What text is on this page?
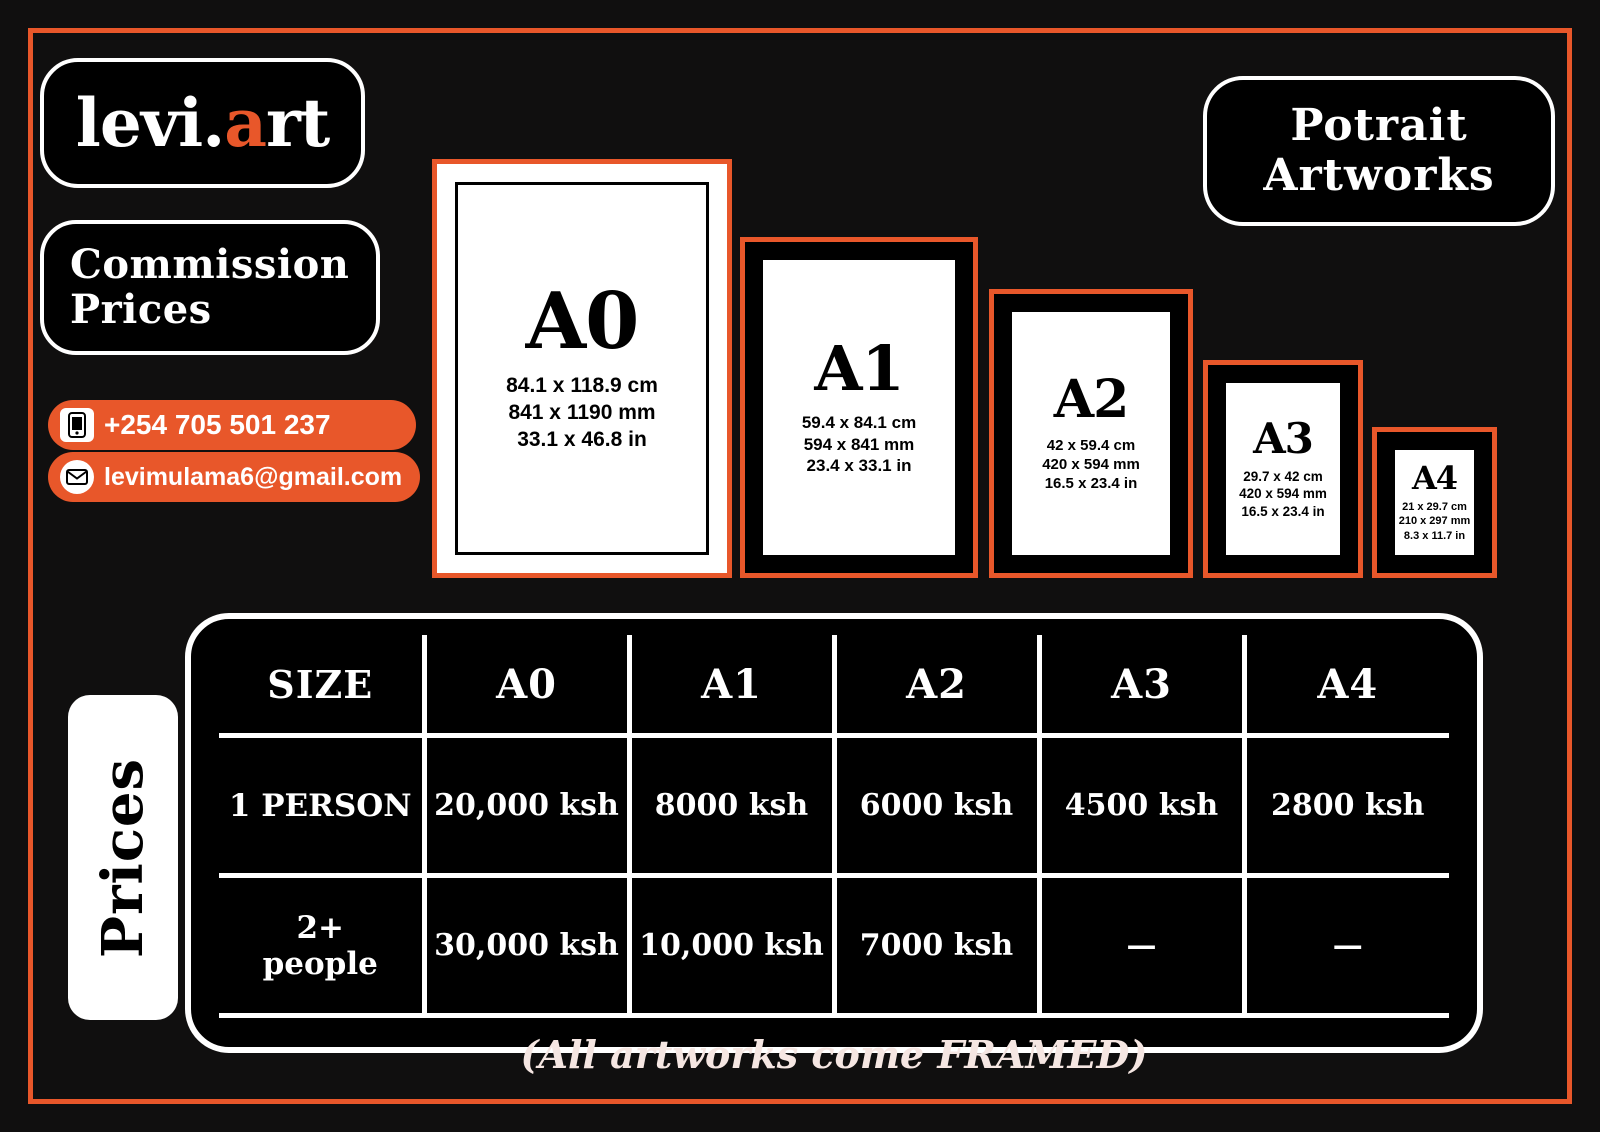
levi.art
Commission
Prices
+254 705 501 237
levimulama6@gmail.com
Potrait
Artworks
A0
84.1 x 118.9 cm
841 x 1190 mm
33.1 x 46.8 in
A1
59.4 x 84.1 cm
594 x 841 mm
23.4 x 33.1 in
A2
42 x 59.4 cm
420 x 594 mm
16.5 x 23.4 in
A3
29.7 x 42 cm
420 x 594 mm
16.5 x 23.4 in
A4
21 x 29.7 cm
210 x 297 mm
8.3 x 11.7 in
Prices
SIZE	A0	A1	A2	A3	A4
1 PERSON	20,000 ksh	8000 ksh	6000 ksh	4500 ksh	2800 ksh

2+
people	30,000 ksh	10,000 ksh	7000 ksh	—	—
(All artworks come FRAMED)
